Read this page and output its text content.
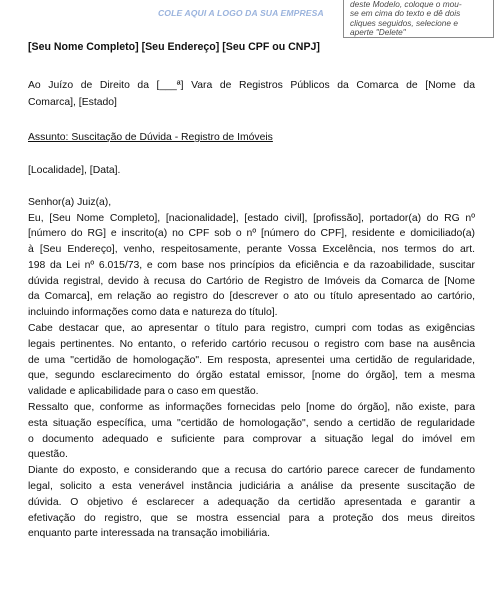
COLE AQUI A LOGO DA SUA EMPRESA
deste Modelo, coloque o mou-
se em cima do texto e dê dois
cliques seguidos, selecione e
aperte "Delete"
[Seu Nome Completo] [Seu Endereço] [Seu CPF ou CNPJ]
Ao Juízo de Direito da [___ª] Vara de Registros Públicos da Comarca de [Nome da
Comarca], [Estado]
Assunto: Suscitação de Dúvida - Registro de Imóveis
[Localidade], [Data].
Senhor(a) Juiz(a),
Eu, [Seu Nome Completo], [nacionalidade], [estado civil], [profissão], portador(a) do RG nº
[número do RG] e inscrito(a) no CPF sob o nº [número do CPF], residente e domiciliado(a)
à [Seu Endereço], venho, respeitosamente, perante Vossa Excelência, nos termos do art.
198 da Lei nº 6.015/73, e com base nos princípios da eficiência e da razoabilidade, suscitar
dúvida registral, devido à recusa do Cartório de Registro de Imóveis da Comarca de [Nome
da Comarca], em relação ao registro do [descrever o ato ou título apresentado ao cartório,
incluindo informações como data e natureza do título].
Cabe destacar que, ao apresentar o título para registro, cumpri com todas as exigências
legais pertinentes. No entanto, o referido cartório recusou o registro com base na ausência
de uma "certidão de homologação". Em resposta, apresentei uma certidão de regularidade,
que, segundo esclarecimento do órgão estatal emissor, [nome do órgão], tem a mesma
validade e aplicabilidade para o caso em questão.
Ressalto que, conforme as informações fornecidas pelo [nome do órgão], não existe, para
esta situação específica, uma "certidão de homologação", sendo a certidão de regularidade
o documento adequado e suficiente para comprovar a situação legal do imóvel em
questão.
Diante do exposto, e considerando que a recusa do cartório parece carecer de fundamento
legal, solicito a esta venerável instância judiciária a análise da presente suscitação de
dúvida. O objetivo é esclarecer a adequação da certidão apresentada e garantir a
efetivação do registro, que se mostra essencial para a proteção dos meus direitos
enquanto parte interessada na transação imobiliária.
